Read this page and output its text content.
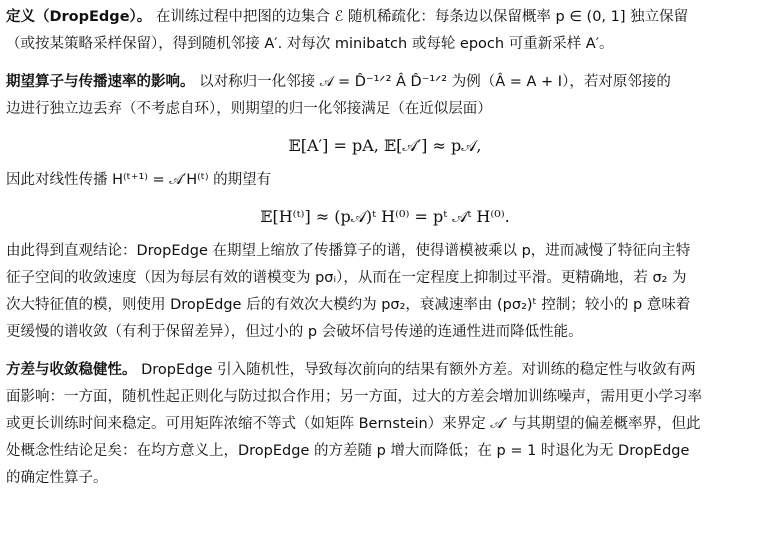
定义（DropEdge）。 在训练过程中把图的边集合 ℰ 随机稀疏化：每条边以保留概率 p ∈ (0, 1] 独立保留

（或按某策略采样保留），得到随机邻接 A′. 对每次 minibatch 或每轮 epoch 可重新采样 A′。

期望算子与传播速率的影响。 以对称归一化邻接 𝒜 = D̂⁻¹ᐟ² Â D̂⁻¹ᐟ² 为例（Â = A + I），若对原邻接的

边进行独立边丢弃（不考虑自环），则期望的归一化邻接满足（在近似层面）

𝔼[A′] = pA, 𝔼[𝒜′] ≈ p𝒜,

因此对线性传播 H⁽ᵗ⁺¹⁾ = 𝒜′H⁽ᵗ⁾ 的期望有

𝔼[H⁽ᵗ⁾] ≈ (p𝒜)ᵗ H⁽⁰⁾ = pᵗ 𝒜ᵗ H⁽⁰⁾.

由此得到直观结论：DropEdge 在期望上缩放了传播算子的谱，使得谱模被乘以 p，进而减慢了特征向主特

征子空间的收敛速度（因为每层有效的谱模变为 pσᵢ），从而在一定程度上抑制过平滑。更精确地，若 σ₂ 为

次大特征值的模，则使用 DropEdge 后的有效次大模约为 pσ₂，衰减速率由 (pσ₂)ᵗ 控制；较小的 p 意味着

更缓慢的谱收敛（有利于保留差异），但过小的 p 会破坏信号传递的连通性进而降低性能。

方差与收敛稳健性。 DropEdge 引入随机性，导致每次前向的结果有额外方差。对训练的稳定性与收敛有两

面影响：一方面，随机性起正则化与防过拟合作用；另一方面，过大的方差会增加训练噪声，需用更小学习率

或更长训练时间来稳定。可用矩阵浓缩不等式（如矩阵 Bernstein）来界定 𝒜′ 与其期望的偏差概率界，但此

处概念性结论足矣：在均方意义上，DropEdge 的方差随 p 增大而降低；在 p = 1 时退化为无 DropEdge

的确定性算子。
